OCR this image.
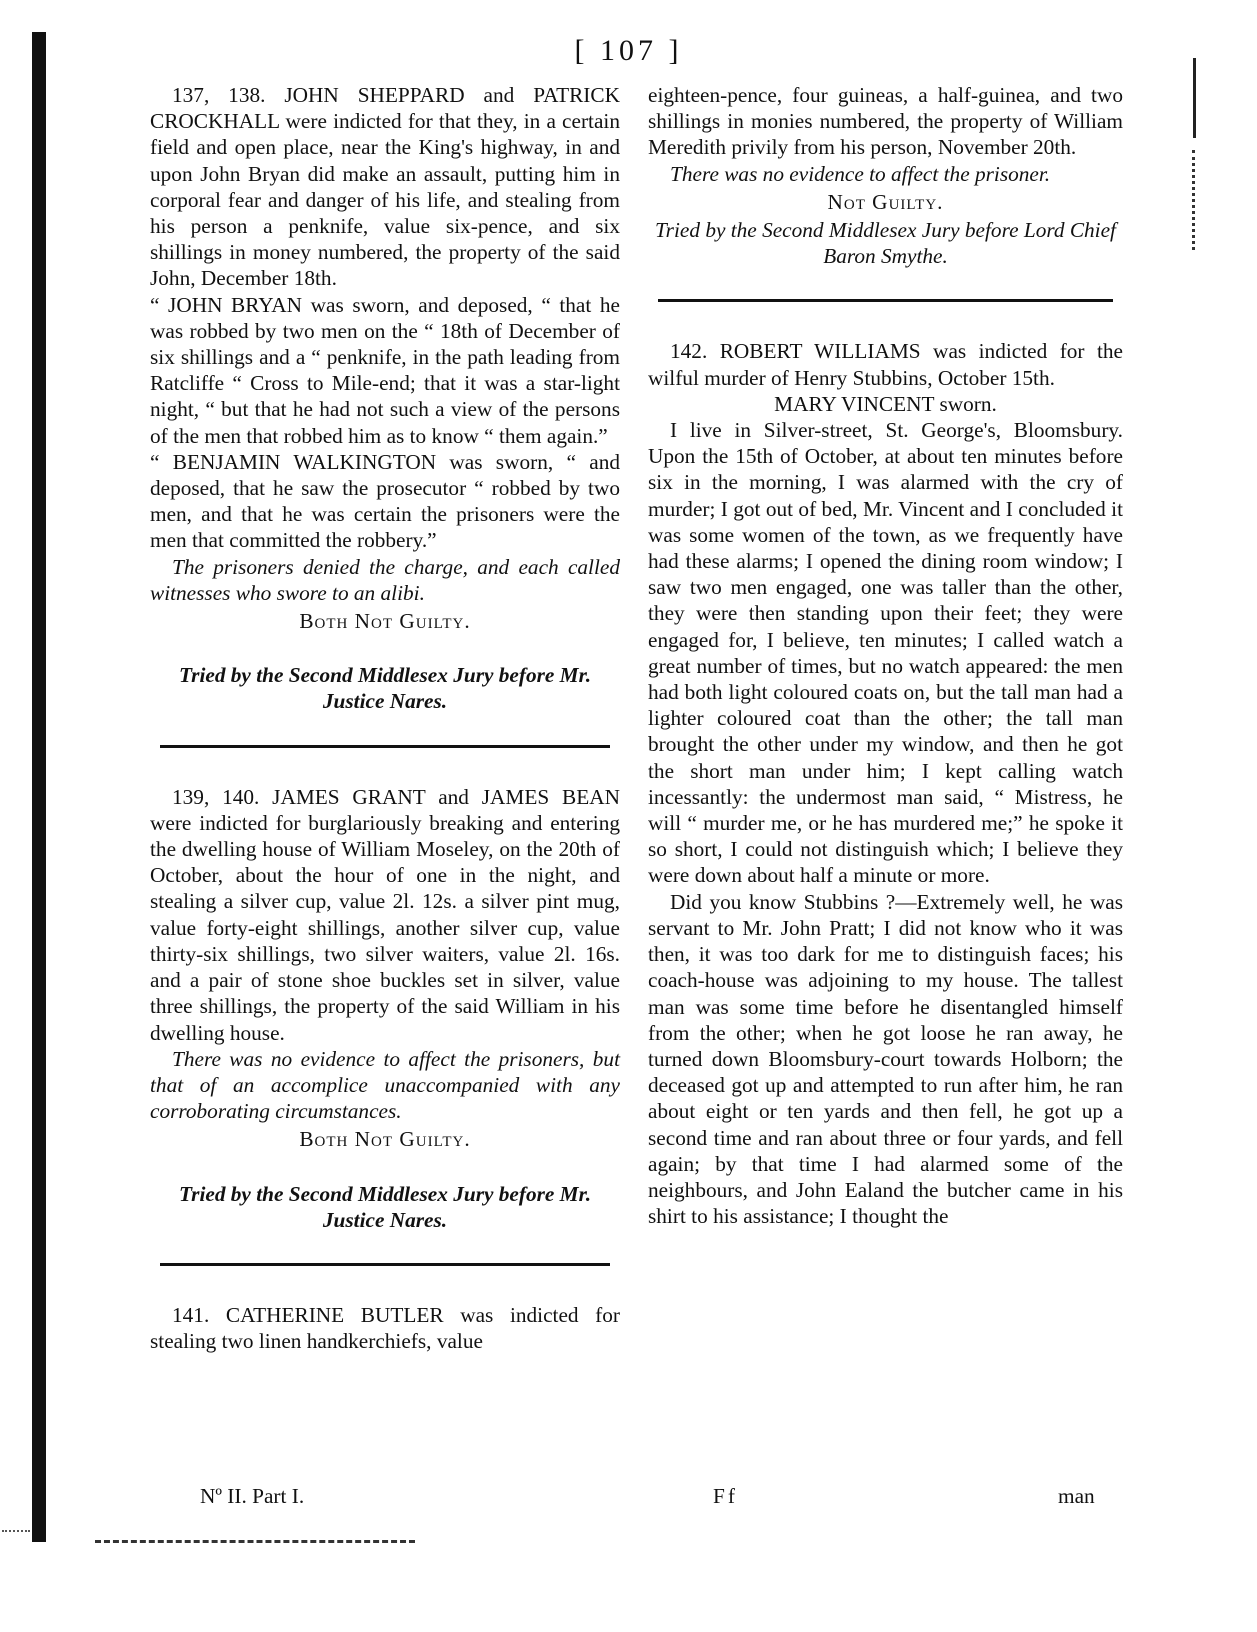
[ 107 ]

137, 138. JOHN SHEPPARD and PATRICK CROCKHALL were indicted for that they, in a certain field and open place, near the King's highway, in and upon John Bryan did make an assault, putting him in corporal fear and danger of his life, and stealing from his person a penknife, value six-pence, and six shillings in money numbered, the property of the said John, December 18th.

“ JOHN BRYAN was sworn, and deposed, “ that he was robbed by two men on the “ 18th of December of six shillings and a “ penknife, in the path leading from Ratcliffe “ Cross to Mile-end; that it was a star-light night, “ but that he had not such a view of the persons of the men that robbed him as to know “ them again.”

“ BENJAMIN WALKINGTON was sworn, “ and deposed, that he saw the prosecutor “ robbed by two men, and that he was certain the prisoners were the men that committed the robbery.”

The prisoners denied the charge, and each called witnesses who swore to an alibi.

Both Not Guilty.

Tried by the Second Middlesex Jury before Mr. Justice Nares.

139, 140. JAMES GRANT and JAMES BEAN were indicted for burglariously breaking and entering the dwelling house of William Moseley, on the 20th of October, about the hour of one in the night, and stealing a silver cup, value 2l. 12s. a silver pint mug, value forty-eight shillings, another silver cup, value thirty-six shillings, two silver waiters, value 2l. 16s. and a pair of stone shoe buckles set in silver, value three shillings, the property of the said William in his dwelling house.

There was no evidence to affect the prisoners, but that of an accomplice unaccompanied with any corroborating circumstances.

Both Not Guilty.

Tried by the Second Middlesex Jury before Mr. Justice Nares.

141. CATHERINE BUTLER was indicted for stealing two linen handkerchiefs, value

eighteen-pence, four guineas, a half-guinea, and two shillings in monies numbered, the property of William Meredith privily from his person, November 20th.

There was no evidence to affect the prisoner.

Not Guilty.

Tried by the Second Middlesex Jury before Lord Chief Baron Smythe.

142. ROBERT WILLIAMS was indicted for the wilful murder of Henry Stubbins, October 15th.

MARY VINCENT sworn.

I live in Silver-street, St. George's, Bloomsbury. Upon the 15th of October, at about ten minutes before six in the morning, I was alarmed with the cry of murder; I got out of bed, Mr. Vincent and I concluded it was some women of the town, as we frequently have had these alarms; I opened the dining room window; I saw two men engaged, one was taller than the other, they were then standing upon their feet; they were engaged for, I believe, ten minutes; I called watch a great number of times, but no watch appeared: the men had both light coloured coats on, but the tall man had a lighter coloured coat than the other; the tall man brought the other under my window, and then he got the short man under him; I kept calling watch incessantly: the undermost man said, “ Mistress, he will “ murder me, or he has murdered me;” he spoke it so short, I could not distinguish which; I believe they were down about half a minute or more.

Did you know Stubbins ?—Extremely well, he was servant to Mr. John Pratt; I did not know who it was then, it was too dark for me to distinguish faces; his coach-house was adjoining to my house. The tallest man was some time before he disentangled himself from the other; when he got loose he ran away, he turned down Bloomsbury-court towards Holborn; the deceased got up and attempted to run after him, he ran about eight or ten yards and then fell, he got up a second time and ran about three or four yards, and fell again; by that time I had alarmed some of the neighbours, and John Ealand the butcher came in his shirt to his assistance; I thought the

Nº II. Part I.	Ff	man
